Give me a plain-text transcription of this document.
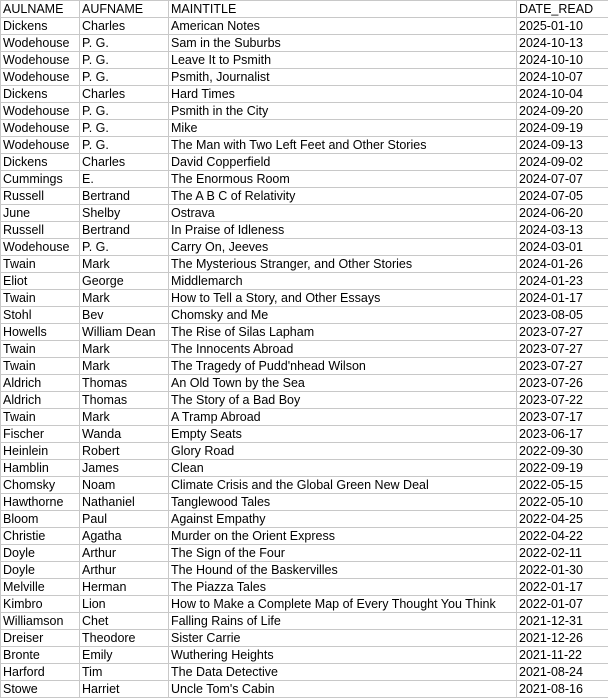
AULNAME	AUFNAME	MAINTITLE	DATE_READ
Dickens	Charles	American Notes	2025-01-10
Wodehouse	P. G.	Sam in the Suburbs	2024-10-13
Wodehouse	P. G.	Leave It to Psmith	2024-10-10
Wodehouse	P. G.	Psmith, Journalist	2024-10-07
Dickens	Charles	Hard Times	2024-10-04
Wodehouse	P. G.	Psmith in the City	2024-09-20
Wodehouse	P. G.	Mike	2024-09-19
Wodehouse	P. G.	The Man with Two Left Feet and Other Stories	2024-09-13
Dickens	Charles	David Copperfield	2024-09-02
Cummings	E.	The Enormous Room	2024-07-07
Russell	Bertrand	The A B C of Relativity	2024-07-05
June	Shelby	Ostrava	2024-06-20
Russell	Bertrand	In Praise of Idleness	2024-03-13
Wodehouse	P. G.	Carry On, Jeeves	2024-03-01
Twain	Mark	The Mysterious Stranger, and Other Stories	2024-01-26
Eliot	George	Middlemarch	2024-01-23
Twain	Mark	How to Tell a Story, and Other Essays	2024-01-17
Stohl	Bev	Chomsky and Me	2023-08-05
Howells	William Dean	The Rise of Silas Lapham	2023-07-27
Twain	Mark	The Innocents Abroad	2023-07-27
Twain	Mark	The Tragedy of Pudd'nhead Wilson	2023-07-27
Aldrich	Thomas	An Old Town by the Sea	2023-07-26
Aldrich	Thomas	The Story of a Bad Boy	2023-07-22
Twain	Mark	A Tramp Abroad	2023-07-17
Fischer	Wanda	Empty Seats	2023-06-17
Heinlein	Robert	Glory Road	2022-09-30
Hamblin	James	Clean	2022-09-19
Chomsky	Noam	Climate Crisis and the Global Green New Deal	2022-05-15
Hawthorne	Nathaniel	Tanglewood Tales	2022-05-10
Bloom	Paul	Against Empathy	2022-04-25
Christie	Agatha	Murder on the Orient Express	2022-04-22
Doyle	Arthur	The Sign of the Four	2022-02-11
Doyle	Arthur	The Hound of the Baskervilles	2022-01-30
Melville	Herman	The Piazza Tales	2022-01-17
Kimbro	Lion	How to Make a Complete Map of Every Thought You Think	2022-01-07
Williamson	Chet	Falling Rains of Life	2021-12-31
Dreiser	Theodore	Sister Carrie	2021-12-26
Bronte	Emily	Wuthering Heights	2021-11-22
Harford	Tim	The Data Detective	2021-08-24
Stowe	Harriet	Uncle Tom's Cabin	2021-08-16
